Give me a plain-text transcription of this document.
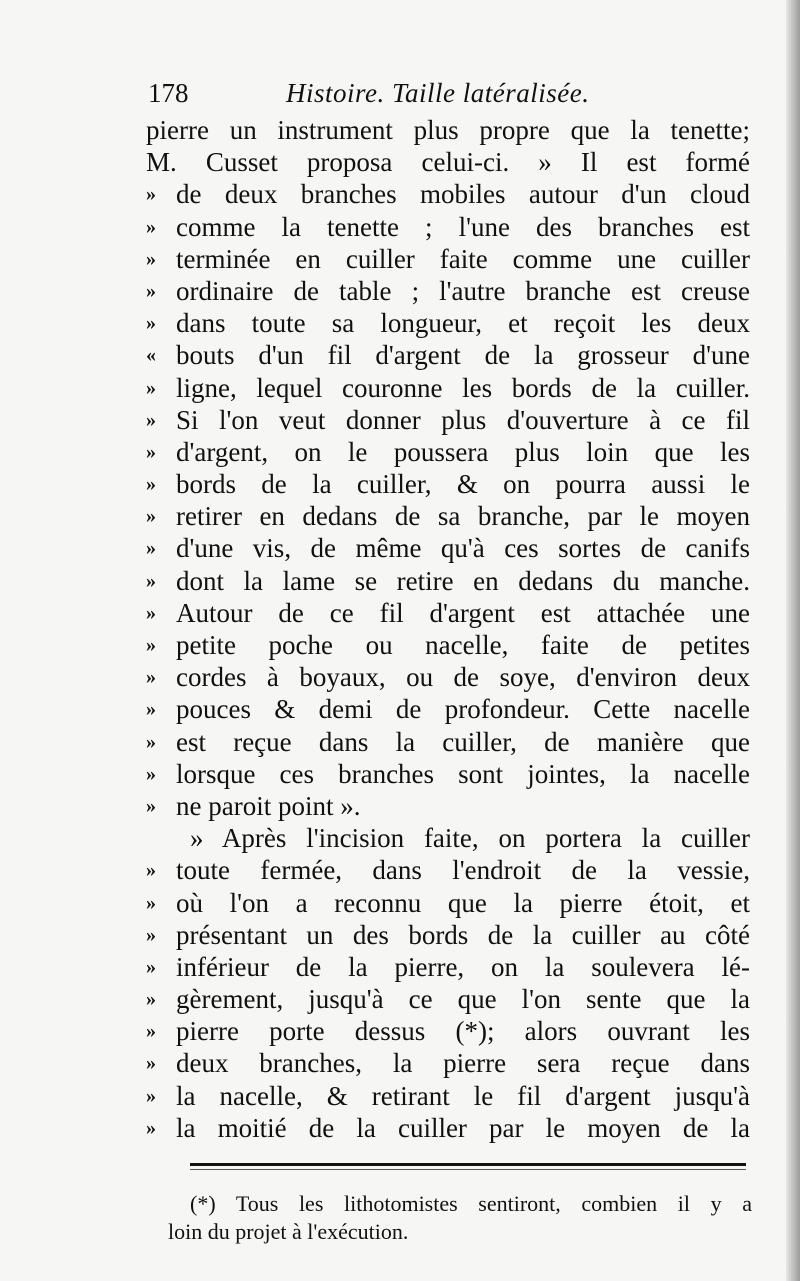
178	Histoire. Taille latéralisée.
pierre un instrument plus propre que la tenette;
M. Cusset proposa celui-ci. » Il est formé
» de deux branches mobiles autour d'un cloud
» comme la tenette ; l'une des branches est
» terminée en cuiller faite comme une cuiller
» ordinaire de table ; l'autre branche est creuse
» dans toute sa longueur, et reçoit les deux
« bouts d'un fil d'argent de la grosseur d'une
» ligne, lequel couronne les bords de la cuiller.
» Si l'on veut donner plus d'ouverture à ce fil
» d'argent, on le poussera plus loin que les
» bords de la cuiller, & on pourra aussi le
» retirer en dedans de sa branche, par le moyen
» d'une vis, de même qu'à ces sortes de canifs
» dont la lame se retire en dedans du manche.
» Autour de ce fil d'argent est attachée une
» petite poche ou nacelle, faite de petites
» cordes à boyaux, ou de soye, d'environ deux
» pouces & demi de profondeur. Cette nacelle
» est reçue dans la cuiller, de manière que
» lorsque ces branches sont jointes, la nacelle
» ne paroit point ».
» Après l'incision faite, on portera la cuiller
» toute fermée, dans l'endroit de la vessie,
» où l'on a reconnu que la pierre étoit, et
» présentant un des bords de la cuiller au côté
» inférieur de la pierre, on la soulevera lé-
» gèrement, jusqu'à ce que l'on sente que la
» pierre porte dessus (*); alors ouvrant les
» deux branches, la pierre sera reçue dans
» la nacelle, & retirant le fil d'argent jusqu'à
» la moitié de la cuiller par le moyen de la
(*) Tous les lithotomistes sentiront, combien il y a
loin du projet à l'exécution.
